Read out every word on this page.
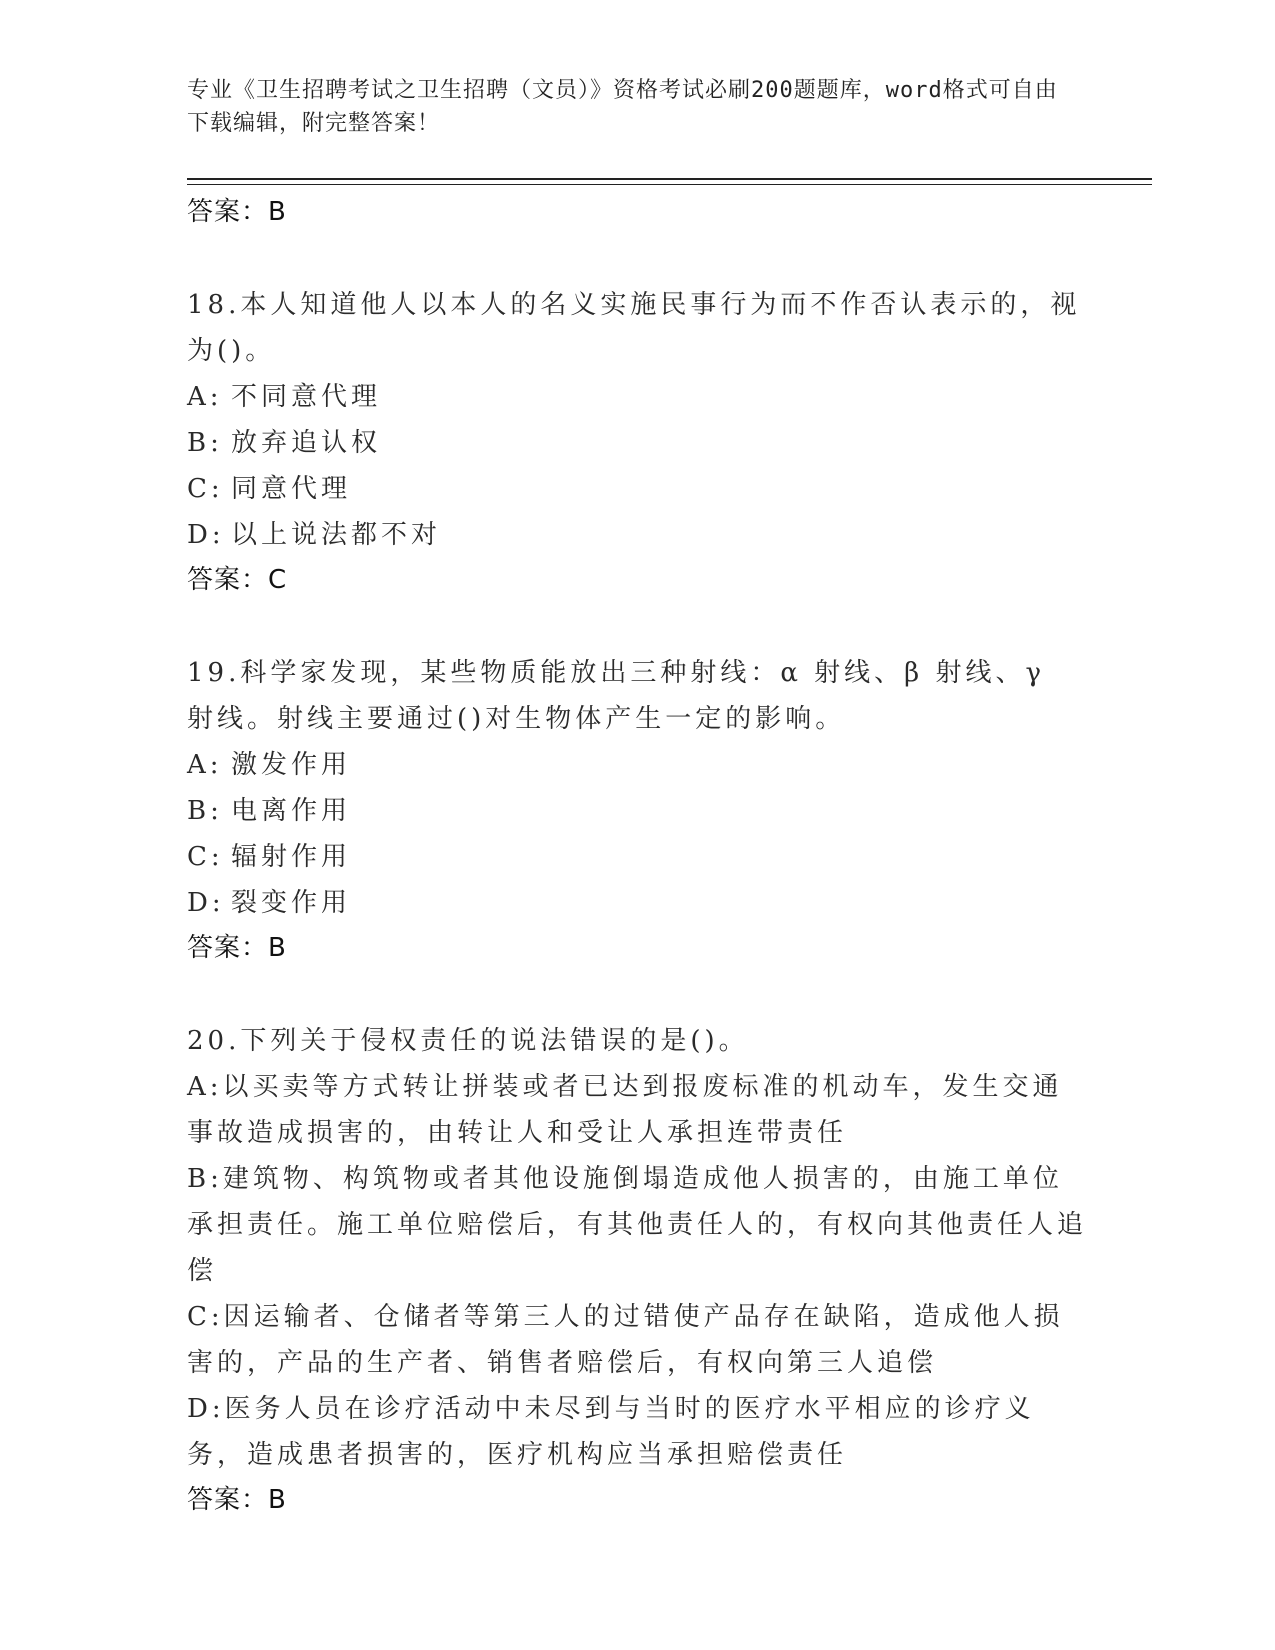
专业《卫生招聘考试之卫生招聘（文员）》资格考试必刷200题题库，word格式可自由下载编辑，附完整答案！
答案：B
18.本人知道他人以本人的名义实施民事行为而不作否认表示的，视为()。
A: 不同意代理
B: 放弃追认权
C: 同意代理
D: 以上说法都不对
答案：C
19.科学家发现，某些物质能放出三种射线：α 射线、β 射线、γ 射线。射线主要通过()对生物体产生一定的影响。
A: 激发作用
B: 电离作用
C: 辐射作用
D: 裂变作用
答案：B
20.下列关于侵权责任的说法错误的是()。
A:以买卖等方式转让拼装或者已达到报废标准的机动车，发生交通事故造成损害的，由转让人和受让人承担连带责任
B:建筑物、构筑物或者其他设施倒塌造成他人损害的，由施工单位承担责任。施工单位赔偿后，有其他责任人的，有权向其他责任人追偿
C:因运输者、仓储者等第三人的过错使产品存在缺陷，造成他人损害的，产品的生产者、销售者赔偿后，有权向第三人追偿
D:医务人员在诊疗活动中未尽到与当时的医疗水平相应的诊疗义务，造成患者损害的，医疗机构应当承担赔偿责任
答案：B
